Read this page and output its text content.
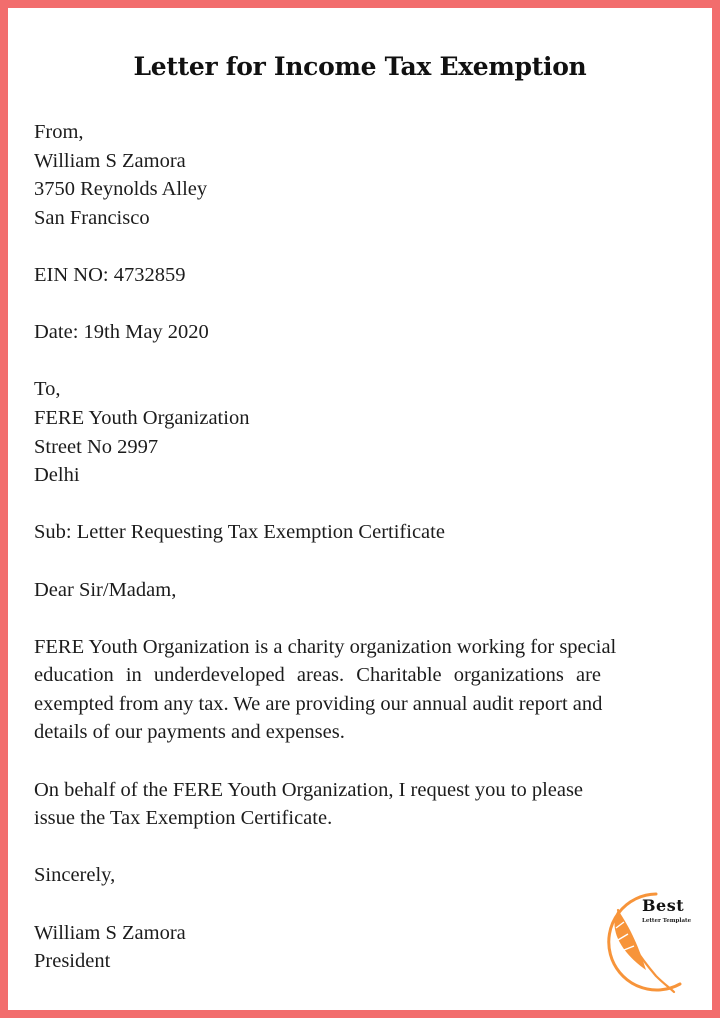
Letter for Income Tax Exemption
From,
William S Zamora
3750 Reynolds Alley
San Francisco
EIN NO: 4732859
Date: 19th May 2020
To,
FERE Youth Organization
Street No 2997
Delhi
Sub: Letter Requesting Tax Exemption Certificate
Dear Sir/Madam,
FERE Youth Organization is a charity organization working for special
education in underdeveloped areas. Charitable organizations are
exempted from any tax. We are providing our annual audit report and
details of our payments and expenses.
On behalf of the FERE Youth Organization, I request you to please
issue the Tax Exemption Certificate.
Sincerely,
William S Zamora
President
Best
Letter Template
